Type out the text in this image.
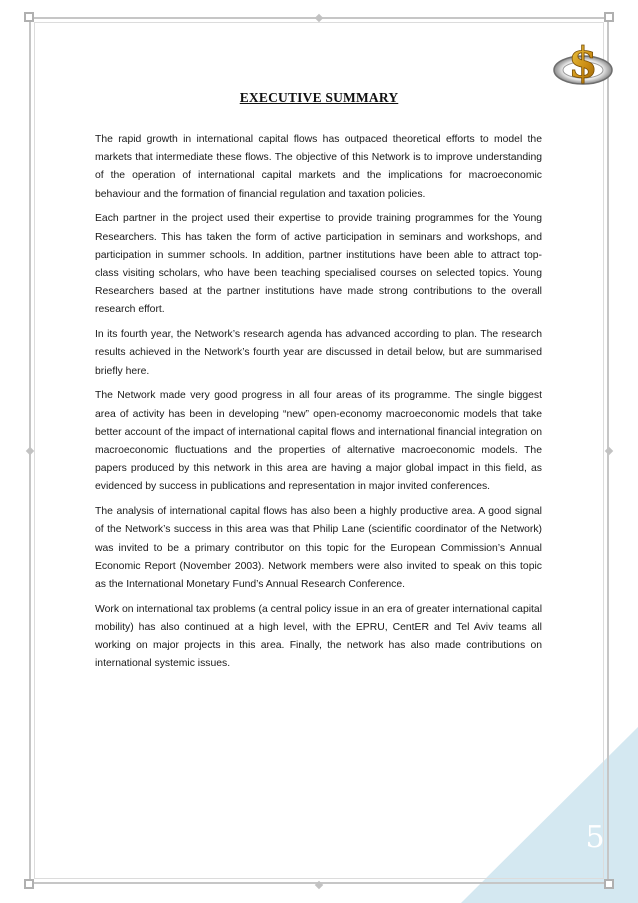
$
EXECUTIVE SUMMARY

The rapid growth in international capital flows has outpaced theoretical efforts to model the markets that intermediate these flows. The objective of this Network is to improve understanding of the operation of international capital markets and the implications for macroeconomic behaviour and the formation of financial regulation and taxation policies.

Each partner in the project used their expertise to provide training programmes for the Young Researchers. This has taken the form of active participation in seminars and workshops, and participation in summer schools. In addition, partner institutions have been able to attract top-class visiting scholars, who have been teaching specialised courses on selected topics. Young Researchers based at the partner institutions have made strong contributions to the overall research effort.

In its fourth year, the Network’s research agenda has advanced according to plan. The research results achieved in the Network’s fourth year are discussed in detail below, but are summarised briefly here.

The Network made very good progress in all four areas of its programme. The single biggest area of activity has been in developing “new” open-economy macroeconomic models that take better account of the impact of international capital flows and international financial integration on macroeconomic fluctuations and the properties of alternative macroeconomic models. The papers produced by this network in this area are having a major global impact in this field, as evidenced by success in publications and representation in major invited conferences.

The analysis of international capital flows has also been a highly productive area. A good signal of the Network’s success in this area was that Philip Lane (scientific coordinator of the Network) was invited to be a primary contributor on this topic for the European Commission’s Annual Economic Report (November 2003). Network members were also invited to speak on this topic as the International Monetary Fund’s Annual Research Conference.

Work on international tax problems (a central policy issue in an era of greater international capital mobility) has also continued at a high level, with the EPRU, CentER and Tel Aviv teams all working on major projects in this area. Finally, the network has also made contributions on international systemic issues.

5
